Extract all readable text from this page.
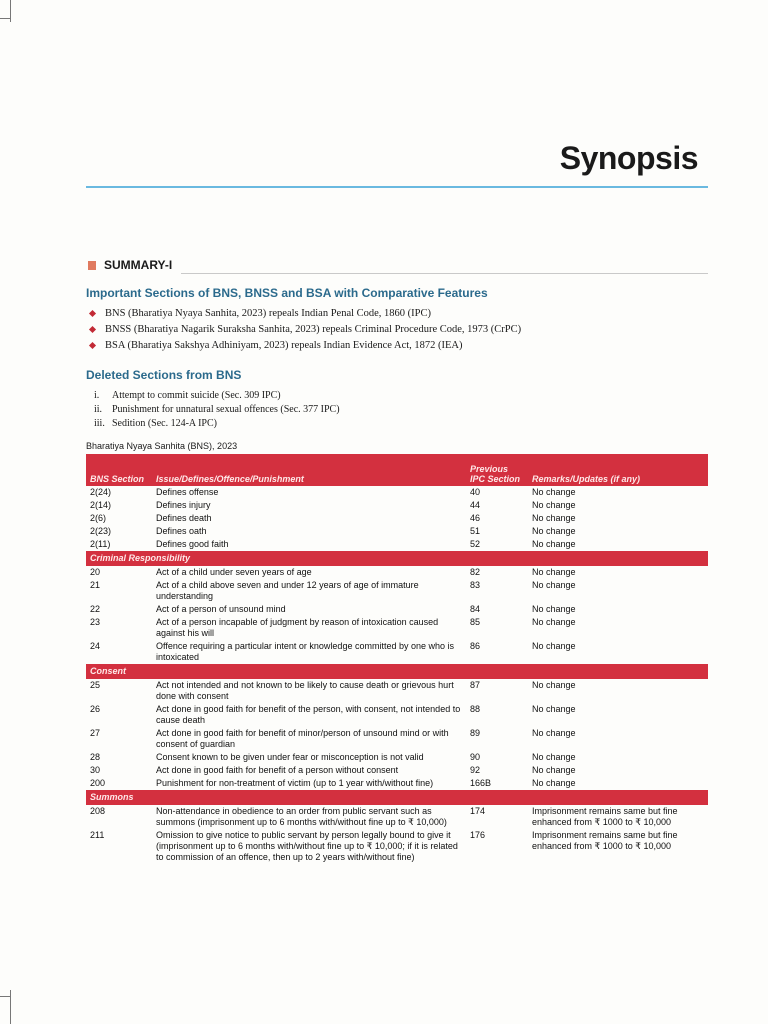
Synopsis
SUMMARY-I
Important Sections of BNS, BNSS and BSA with Comparative Features
BNS (Bharatiya Nyaya Sanhita, 2023) repeals Indian Penal Code, 1860 (IPC)
BNSS (Bharatiya Nagarik Suraksha Sanhita, 2023) repeals Criminal Procedure Code, 1973 (CrPC)
BSA (Bharatiya Sakshya Adhiniyam, 2023) repeals Indian Evidence Act, 1872 (IEA)
Deleted Sections from BNS
i. Attempt to commit suicide (Sec. 309 IPC)
ii. Punishment for unnatural sexual offences (Sec. 377 IPC)
iii. Sedition (Sec. 124-A IPC)
Bharatiya Nyaya Sanhita (BNS), 2023
BNS Section	Issue/Defines/Offence/Punishment	Previous IPC Section	Remarks/Updates (if any)
2(24)	Defines offense	40	No change
2(14)	Defines injury	44	No change
2(6)	Defines death	46	No change
2(23)	Defines oath	51	No change
2(11)	Defines good faith	52	No change
Criminal Responsibility			
20	Act of a child under seven years of age	82	No change
21	Act of a child above seven and under 12 years of age of immature understanding	83	No change
22	Act of a person of unsound mind	84	No change
23	Act of a person incapable of judgment by reason of intoxication caused against his will	85	No change
24	Offence requiring a particular intent or knowledge committed by one who is intoxicated	86	No change
Consent			
25	Act not intended and not known to be likely to cause death or grievous hurt done with consent	87	No change
26	Act done in good faith for benefit of the person, with consent, not intended to cause death	88	No change
27	Act done in good faith for benefit of minor/person of unsound mind or with consent of guardian	89	No change
28	Consent known to be given under fear or misconception is not valid	90	No change
30	Act done in good faith for benefit of a person without consent	92	No change
200	Punishment for non-treatment of victim (up to 1 year with/without fine)	166B	No change
Summons			
208	Non-attendance in obedience to an order from public servant such as summons (imprisonment up to 6 months with/without fine up to ₹ 10,000)	174	Imprisonment remains same but fine enhanced from ₹ 1000 to ₹ 10,000
211	Omission to give notice to public servant by person legally bound to give it (imprisonment up to 6 months with/without fine up to ₹ 10,000; if it is related to commission of an offence, then up to 2 years with/without fine)	176	Imprisonment remains same but fine enhanced from ₹ 1000 to ₹ 10,000
